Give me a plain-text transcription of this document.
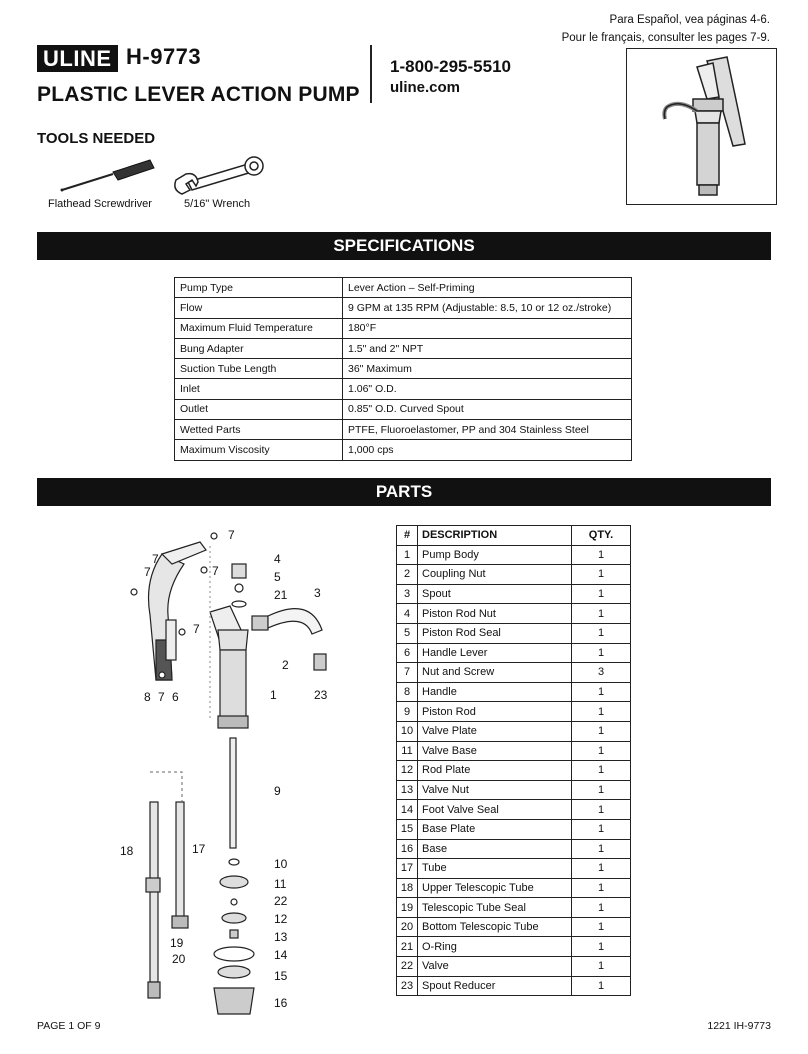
Para Español, vea páginas 4-6.
Pour le français, consulter les pages 7-9.
ULINE H-9773
PLASTIC LEVER ACTION PUMP
1-800-295-5510
uline.com
TOOLS NEEDED
Flathead Screwdriver	5/16" Wrench
SPECIFICATIONS
Pump Type	Lever Action – Self-Priming
Flow	9 GPM at 135 RPM (Adjustable: 8.5, 10 or 12 oz./stroke)
Maximum Fluid Temperature	180°F
Bung Adapter	1.5" and 2" NPT
Suction Tube Length	36" Maximum
Inlet	1.06" O.D.
Outlet	0.85" O.D. Curved Spout
Wetted Parts	PTFE, Fluoroelastomer, PP and 304 Stainless Steel
Maximum Viscosity	1,000 cps
PARTS
7
7
7	7
7
7
4
5
21 3
2
8 6	1	23
9
18	17
10
11
22
12
13
19
14
20
15
16
#	DESCRIPTION	QTY.
1	Pump Body	1
2	Coupling Nut	1
3	Spout	1
4	Piston Rod Nut	1
5	Piston Rod Seal	1
6	Handle Lever	1
7	Nut and Screw	3
8	Handle	1
9	Piston Rod	1
10	Valve Plate	1
11	Valve Base	1
12	Rod Plate	1
13	Valve Nut	1
14	Foot Valve Seal	1
15	Base Plate	1
16	Base	1
17	Tube	1
18	Upper Telescopic Tube	1
19	Telescopic Tube Seal	1
20	Bottom Telescopic Tube	1
21	O-Ring	1
22	Valve	1
23	Spout Reducer	1
PAGE 1 OF 9	1221 IH-9773
